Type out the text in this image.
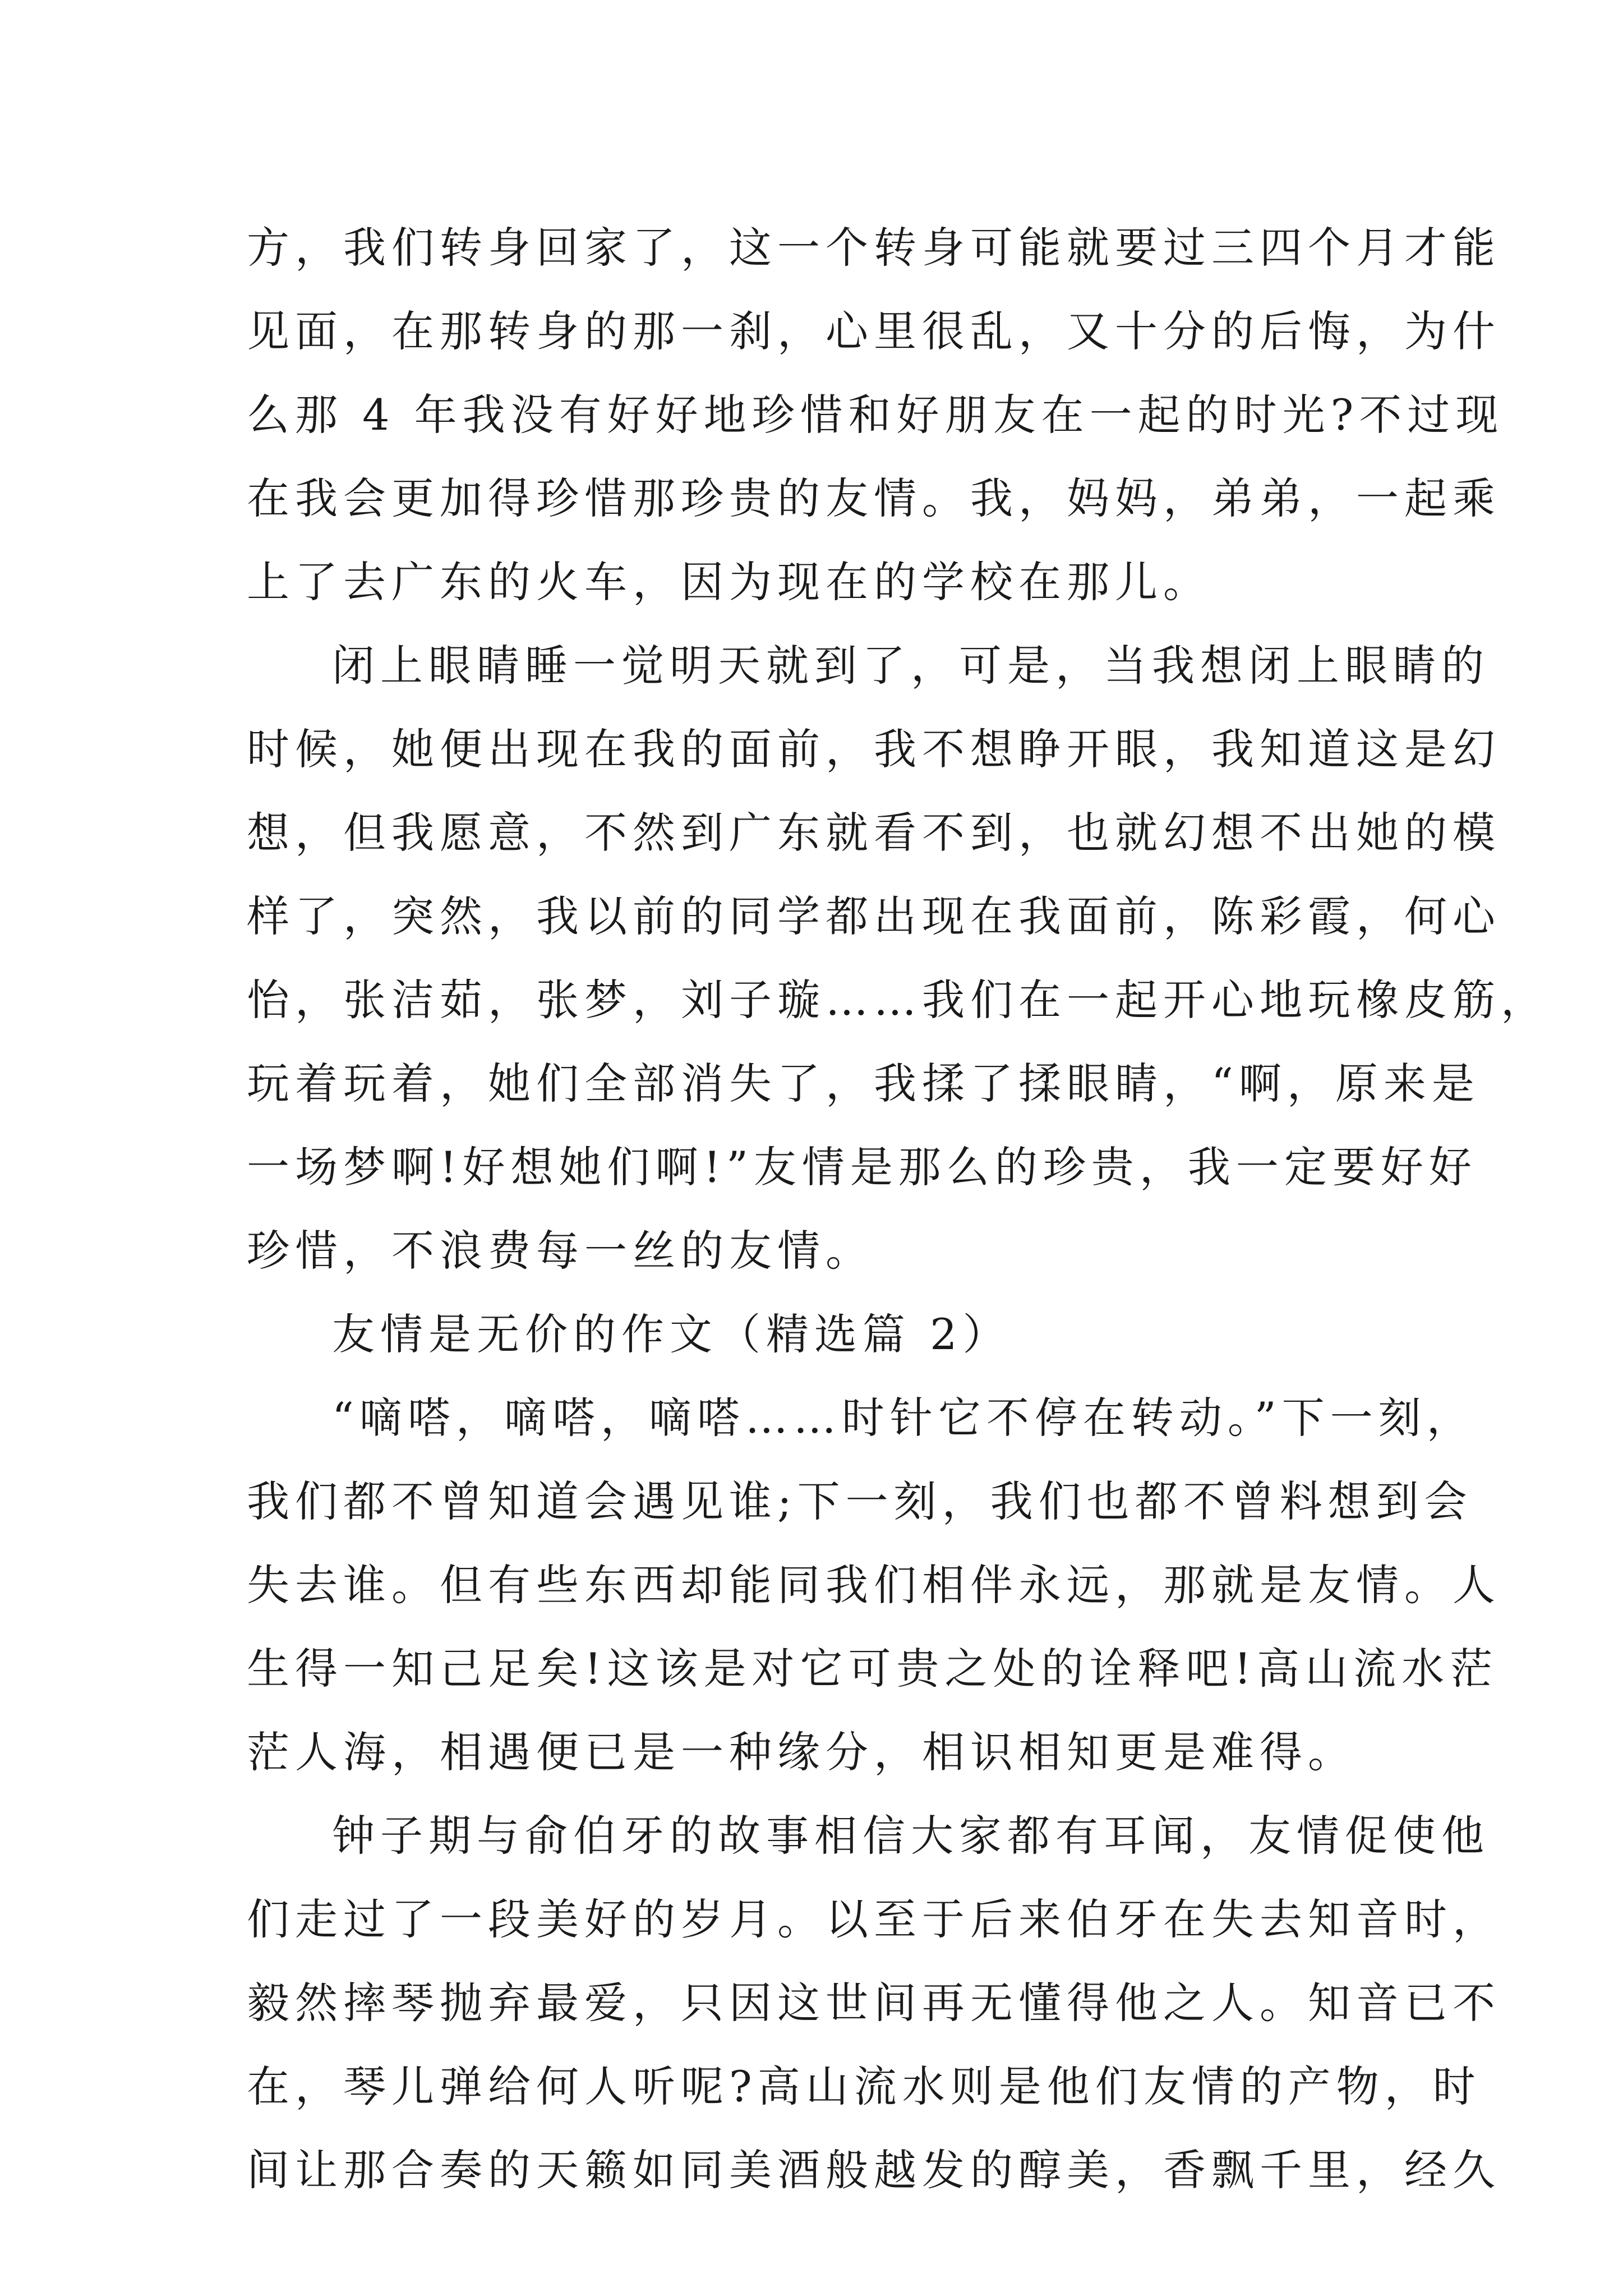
方，我们转身回家了，这一个转身可能就要过三四个月才能
见面，在那转身的那一刹，心里很乱，又十分的后悔，为什
么那 4 年我没有好好地珍惜和好朋友在一起的时光?不过现
在我会更加得珍惜那珍贵的友情。我，妈妈，弟弟，一起乘
上了去广东的火车，因为现在的学校在那儿。
闭上眼睛睡一觉明天就到了，可是，当我想闭上眼睛的
时候，她便出现在我的面前，我不想睁开眼，我知道这是幻
想，但我愿意，不然到广东就看不到，也就幻想不出她的模
样了，突然，我以前的同学都出现在我面前，陈彩霞，何心
怡，张洁茹，张梦，刘子璇……我们在一起开心地玩橡皮筋，
玩着玩着，她们全部消失了，我揉了揉眼睛，“啊，原来是
一场梦啊!好想她们啊!”友情是那么的珍贵，我一定要好好
珍惜，不浪费每一丝的友情。
友情是无价的作文（精选篇 2）
“嘀嗒，嘀嗒，嘀嗒……时针它不停在转动。”下一刻，
我们都不曾知道会遇见谁;下一刻，我们也都不曾料想到会
失去谁。但有些东西却能同我们相伴永远，那就是友情。人
生得一知己足矣!这该是对它可贵之处的诠释吧!高山流水茫
茫人海，相遇便已是一种缘分，相识相知更是难得。
钟子期与俞伯牙的故事相信大家都有耳闻，友情促使他
们走过了一段美好的岁月。以至于后来伯牙在失去知音时，
毅然摔琴抛弃最爱，只因这世间再无懂得他之人。知音已不
在，琴儿弹给何人听呢?高山流水则是他们友情的产物，时
间让那合奏的天籁如同美酒般越发的醇美，香飘千里，经久
